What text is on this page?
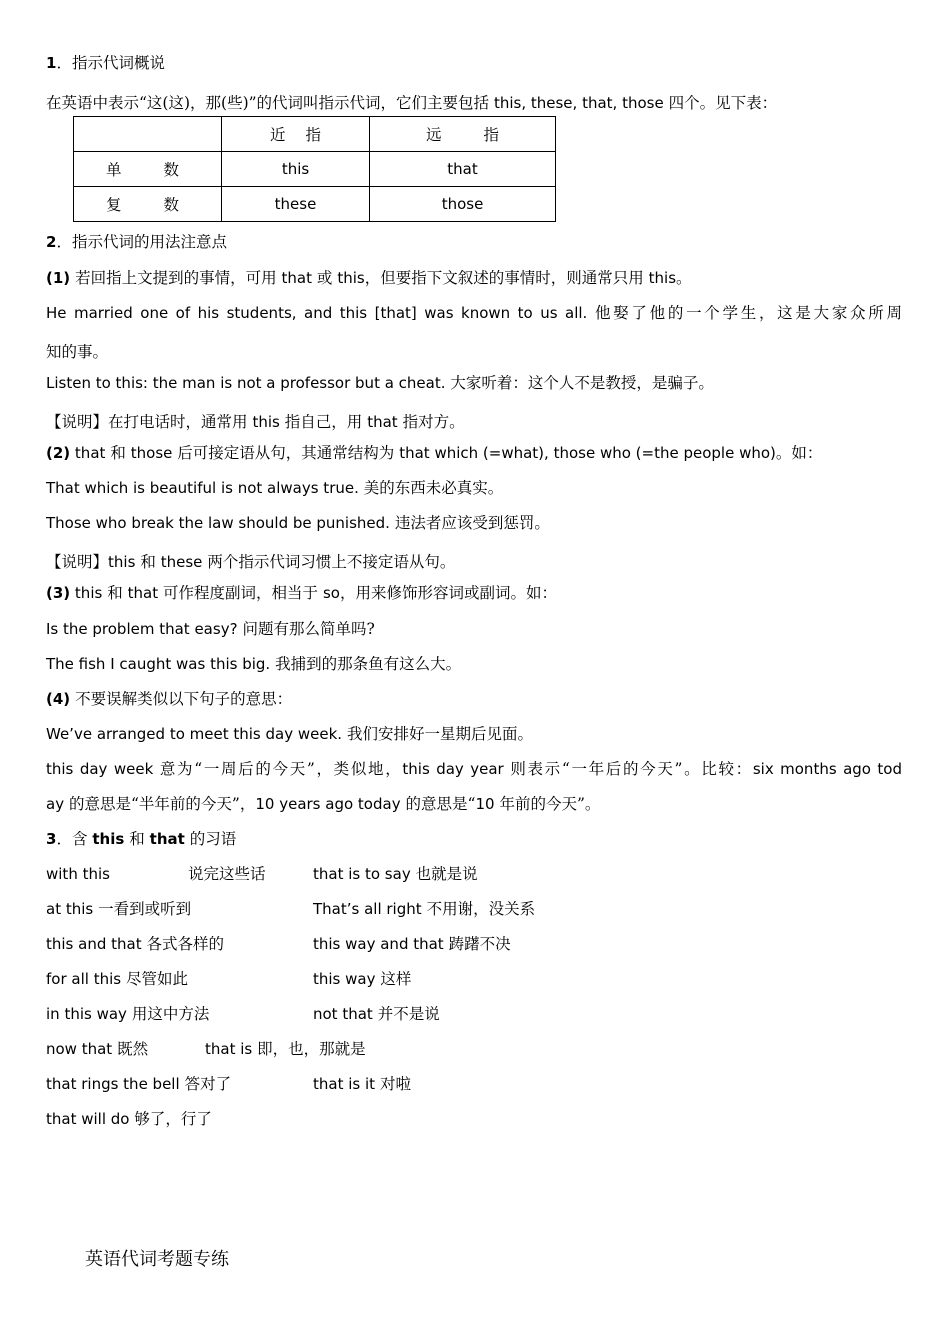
1．指示代词概说
在英语中表示“这(这)，那(些)”的代词叫指示代词，它们主要包括 this, these, that, those 四个。见下表：
	近 指	远 指
单 数	this	that
复 数	these	those
2．指示代词的用法注意点
(1) 若回指上文提到的事情，可用 that 或 this，但要指下文叙述的事情时，则通常只用 this。
He married one of his students, and this [that] was known to us all. 他娶了他的一个学生，这是大家众所周
知的事。
Listen to this: the man is not a professor but a cheat. 大家听着：这个人不是教授，是骗子。
【说明】在打电话时，通常用 this 指自己，用 that 指对方。
(2) that 和 those 后可接定语从句，其通常结构为 that which (=what), those who (=the people who)。如：
That which is beautiful is not always true. 美的东西未必真实。
Those who break the law should be punished. 违法者应该受到惩罚。
【说明】this 和 these 两个指示代词习惯上不接定语从句。
(3) this 和 that 可作程度副词，相当于 so，用来修饰形容词或副词。如：
Is the problem that easy? 问题有那么简单吗?
The fish I caught was this big. 我捕到的那条鱼有这么大。
(4) 不要误解类似以下句子的意思：
We’ve arranged to meet this day week. 我们安排好一星期后见面。
this day week 意为“一周后的今天”，类似地，this day year 则表示“一年后的今天”。比较：six months ago tod
ay 的意思是“半年前的今天”，10 years ago today 的意思是“10 年前的今天”。
3．含 this 和 that 的习语
with this	说完这些话	that is to say 也就是说
at this 一看到或听到	That’s all right 不用谢，没关系
this and that 各式各样的	this way and that 踌躇不决
for all this 尽管如此	this way 这样
in this way 用这中方法	not that 并不是说
now that 既然	that is 即，也，那就是
that rings the bell 答对了	that is it 对啦
that will do 够了，行了
英语代词考题专练
